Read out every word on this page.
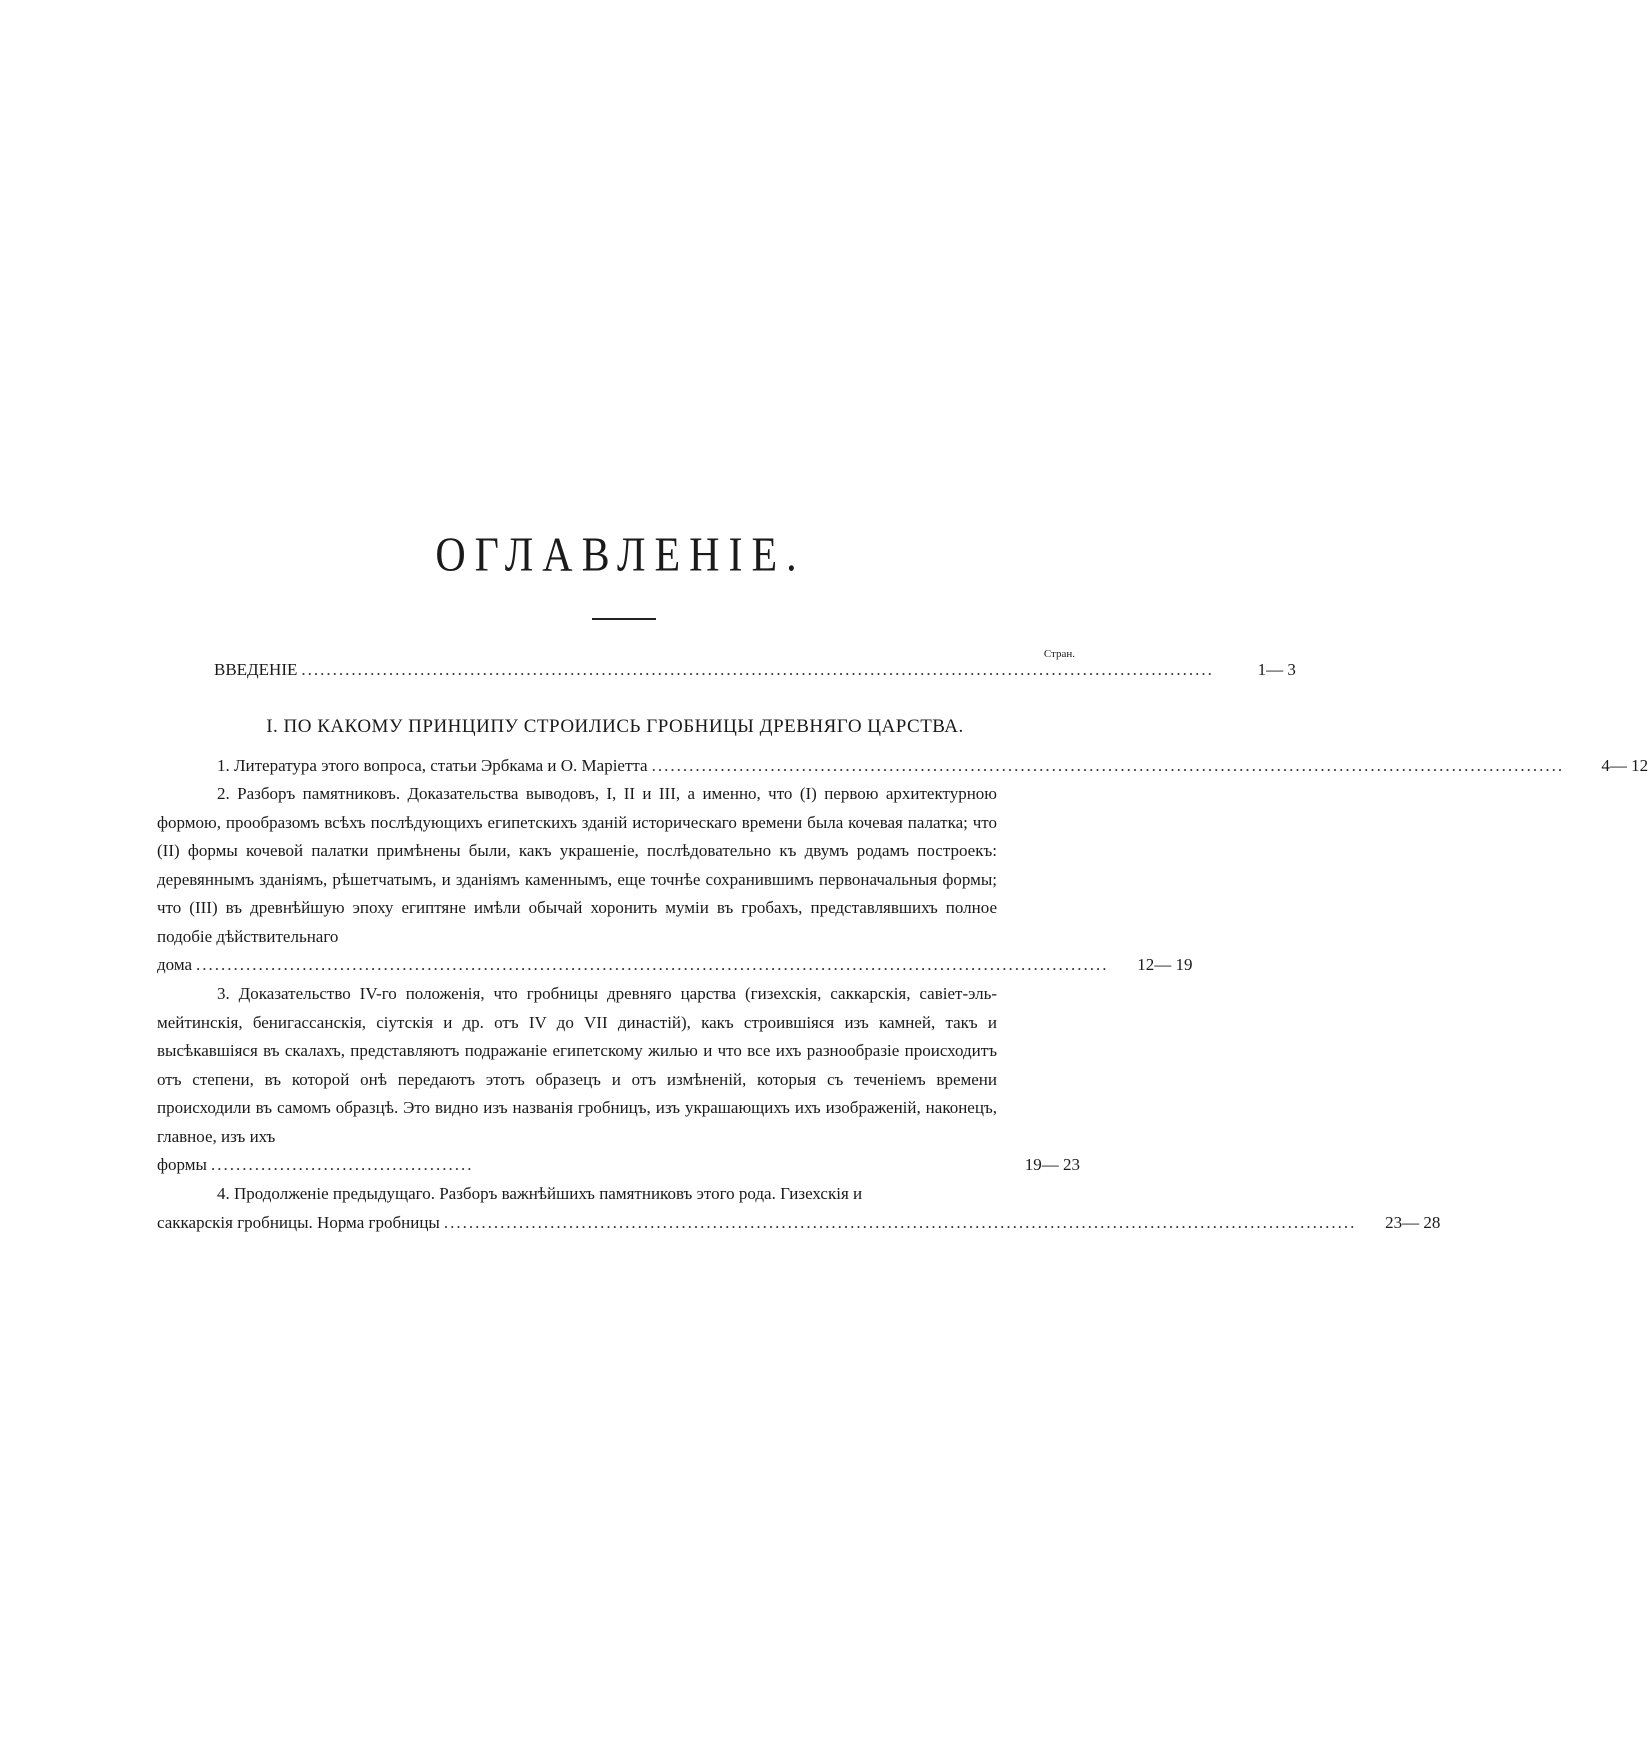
ОГЛАВЛЕНІЕ.
Стран.
ВВЕДЕНІЕ ..................................................................................................................................................	1— 3
I. ПО КАКОМУ ПРИНЦИПУ СТРОИЛИСЬ ГРОБНИЦЫ ДРЕВНЯГО ЦАРСТВА.
1. Литература этого вопроса, статьи Эрбкама и О. Маріетта ..................................................................................................................................................	4— 12
2. Разборъ памятниковъ. Доказательства выводовъ, I, II и III, а именно, что (I) первою архитектурною формою, прообразомъ всѣхъ послѣдующихъ египетскихъ зданій историческаго времени была кочевая палатка; что (II) формы кочевой палатки примѣнены были, какъ украшеніе, послѣдовательно къ двумъ родамъ построекъ: деревяннымъ зданіямъ, рѣшетчатымъ, и зданіямъ каменнымъ, еще точнѣе сохранившимъ первоначальныя формы; что (III) въ древнѣйшую эпоху египтяне имѣли обычай хоронить муміи въ гробахъ, представлявшихъ полное подобіе дѣйствительнаго
дома ..................................................................................................................................................	12— 19
3. Доказательство IV-го положенія, что гробницы древняго царства (гизехскія, саккарскія, савіет-эль-мейтинскія, бенигассанскія, сіутскія и др. отъ IV до VII династій), какъ строившіяся изъ камней, такъ и высѣкавшіяся въ скалахъ, представляютъ подражаніе египетскому жилью и что все ихъ разнообразіе происходитъ отъ степени, въ которой онѣ передаютъ этотъ образецъ и отъ измѣненій, которыя съ теченіемъ времени происходили въ самомъ образцѣ. Это видно изъ названія гробницъ, изъ украшающихъ ихъ изображеній, наконецъ, главное, изъ ихъ
формы ..........................................	19— 23
4. Продолженіе предыдущаго. Разборъ важнѣйшихъ памятниковъ этого рода. Гизехскія и
саккарскія гробницы. Норма гробницы ..................................................................................................................................................	23— 28
